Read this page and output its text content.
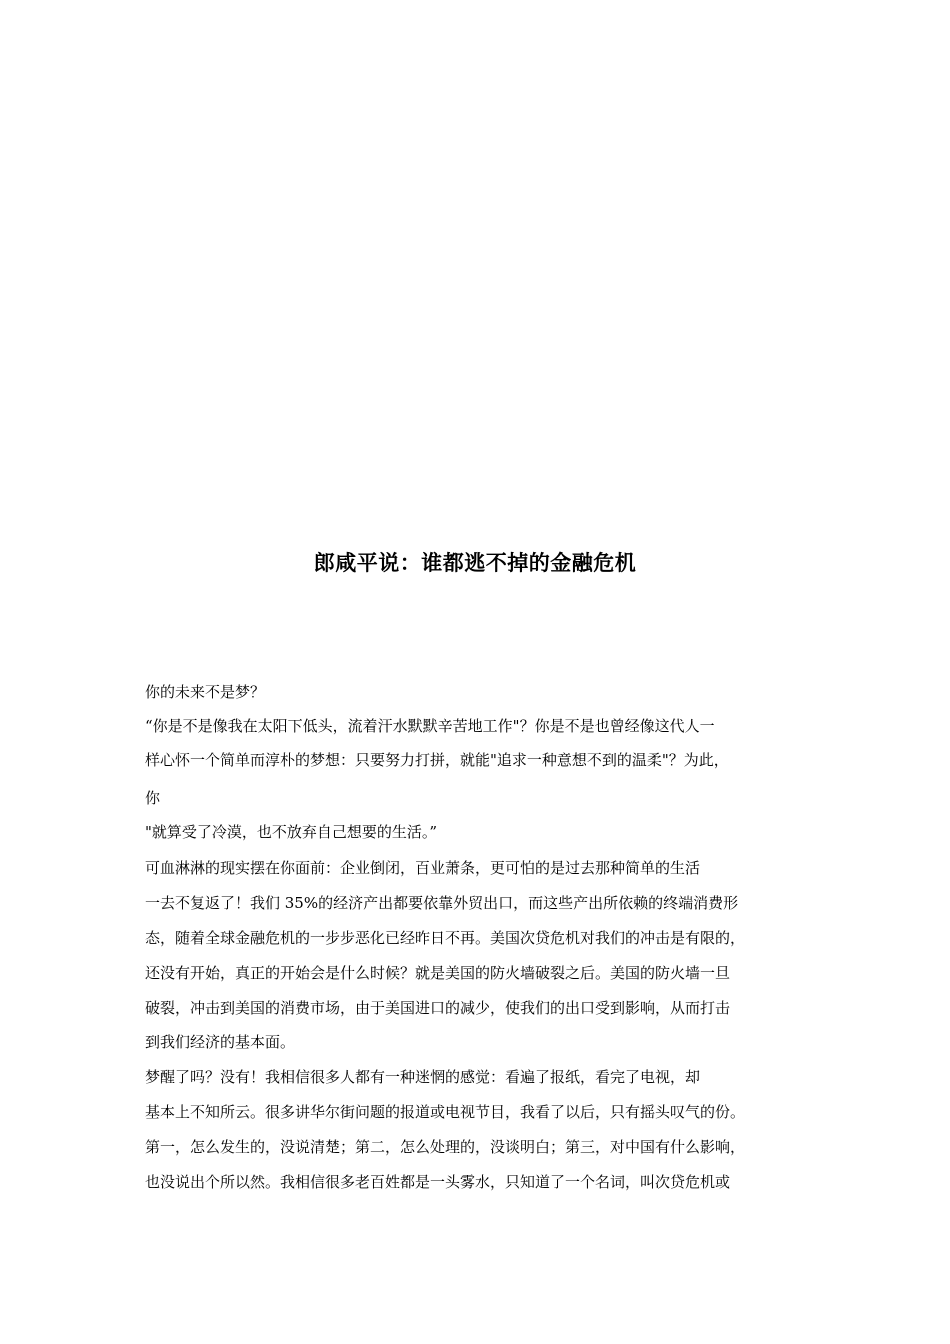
郎咸平说：谁都逃不掉的金融危机

你的未来不是梦？

“你是不是像我在太阳下低头，流着汗水默默辛苦地工作"？你是不是也曾经像这代人一

样心怀一个简单而淳朴的梦想：只要努力打拼，就能"追求一种意想不到的温柔"？为此，

你

"就算受了冷漠，也不放弃自己想要的生活。”

可血淋淋的现实摆在你面前：企业倒闭，百业萧条，更可怕的是过去那种简单的生活

一去不复返了！我们 35%的经济产出都要依靠外贸出口，而这些产出所依赖的终端消费形

态，随着全球金融危机的一步步恶化已经昨日不再。美国次贷危机对我们的冲击是有限的，

还没有开始，真正的开始会是什么时候？就是美国的防火墙破裂之后。美国的防火墙一旦

破裂，冲击到美国的消费市场，由于美国进口的减少，使我们的出口受到影响，从而打击

到我们经济的基本面。

梦醒了吗？没有！我相信很多人都有一种迷惘的感觉：看遍了报纸，看完了电视，却

基本上不知所云。很多讲华尔街问题的报道或电视节目，我看了以后，只有摇头叹气的份。

第一，怎么发生的，没说清楚；第二，怎么处理的，没谈明白；第三，对中国有什么影响，

也没说出个所以然。我相信很多老百姓都是一头雾水，只知道了一个名词，叫次贷危机或
